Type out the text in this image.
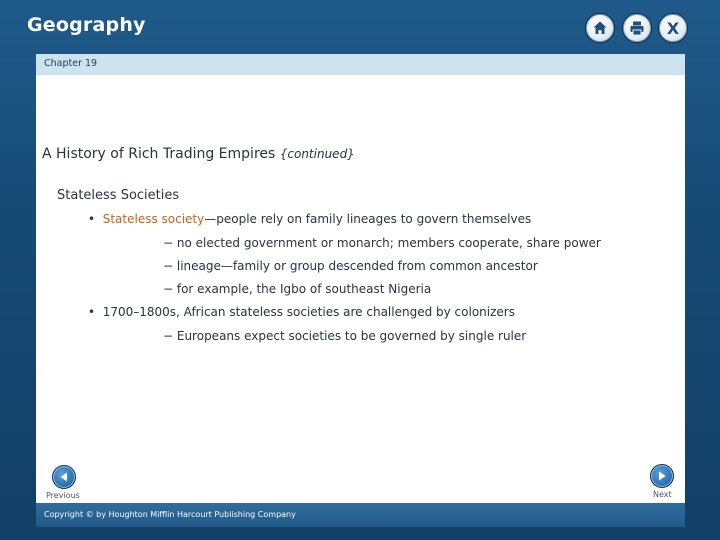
Geography	X
Chapter 19
A History of Rich Trading Empires {continued}
Stateless Societies
•  Stateless society—people rely on family lineages to govern themselves
− no elected government or monarch; members cooperate, share power
− lineage—family or group descended from common ancestor
− for example, the Igbo of southeast Nigeria
•  1700–1800s, African stateless societies are challenged by colonizers
− Europeans expect societies to be governed by single ruler
Previous	Next
Copyright © by Houghton Mifflin Harcourt Publishing Company
